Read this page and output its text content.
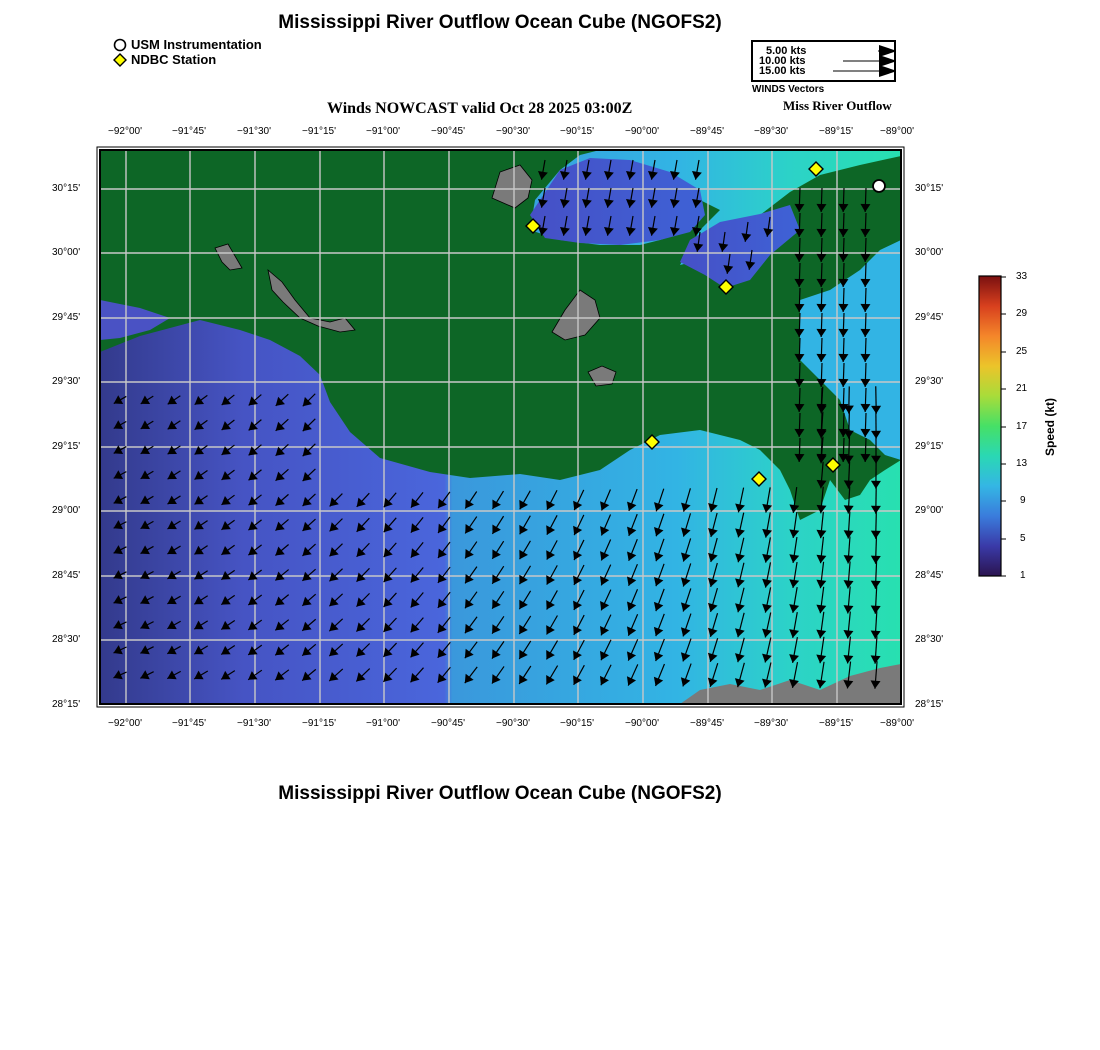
Mississippi River Outflow Ocean Cube (NGOFS2)
USM Instrumentation
NDBC Station
5.00 kts
10.00 kts
15.00 kts
WINDS Vectors
Winds NOWCAST valid Oct 28 2025 03:00Z	Miss River Outflow
−92°00'	−91°45'	−91°30'	−91°15'	−91°00'	−90°45'	−90°30'	−90°15'	−90°00'	−89°45'	−89°30'	−89°15'	−89°00'
−92°00'	−91°45'	−91°30'	−91°15'	−91°00'	−90°45'	−90°30'	−90°15'	−90°00'	−89°45'	−89°30'	−89°15'	−89°00'
30°15'
30°00'
29°45'
29°30'
29°15'
29°00'
28°45'
28°30'
28°15'
30°15'
30°00'
29°45'
29°30'
29°15'
29°00'
28°45'
28°30'
28°15'
33
29
25
21
17
13
9
5
1
Speed (kt)
Mississippi River Outflow Ocean Cube (NGOFS2)
